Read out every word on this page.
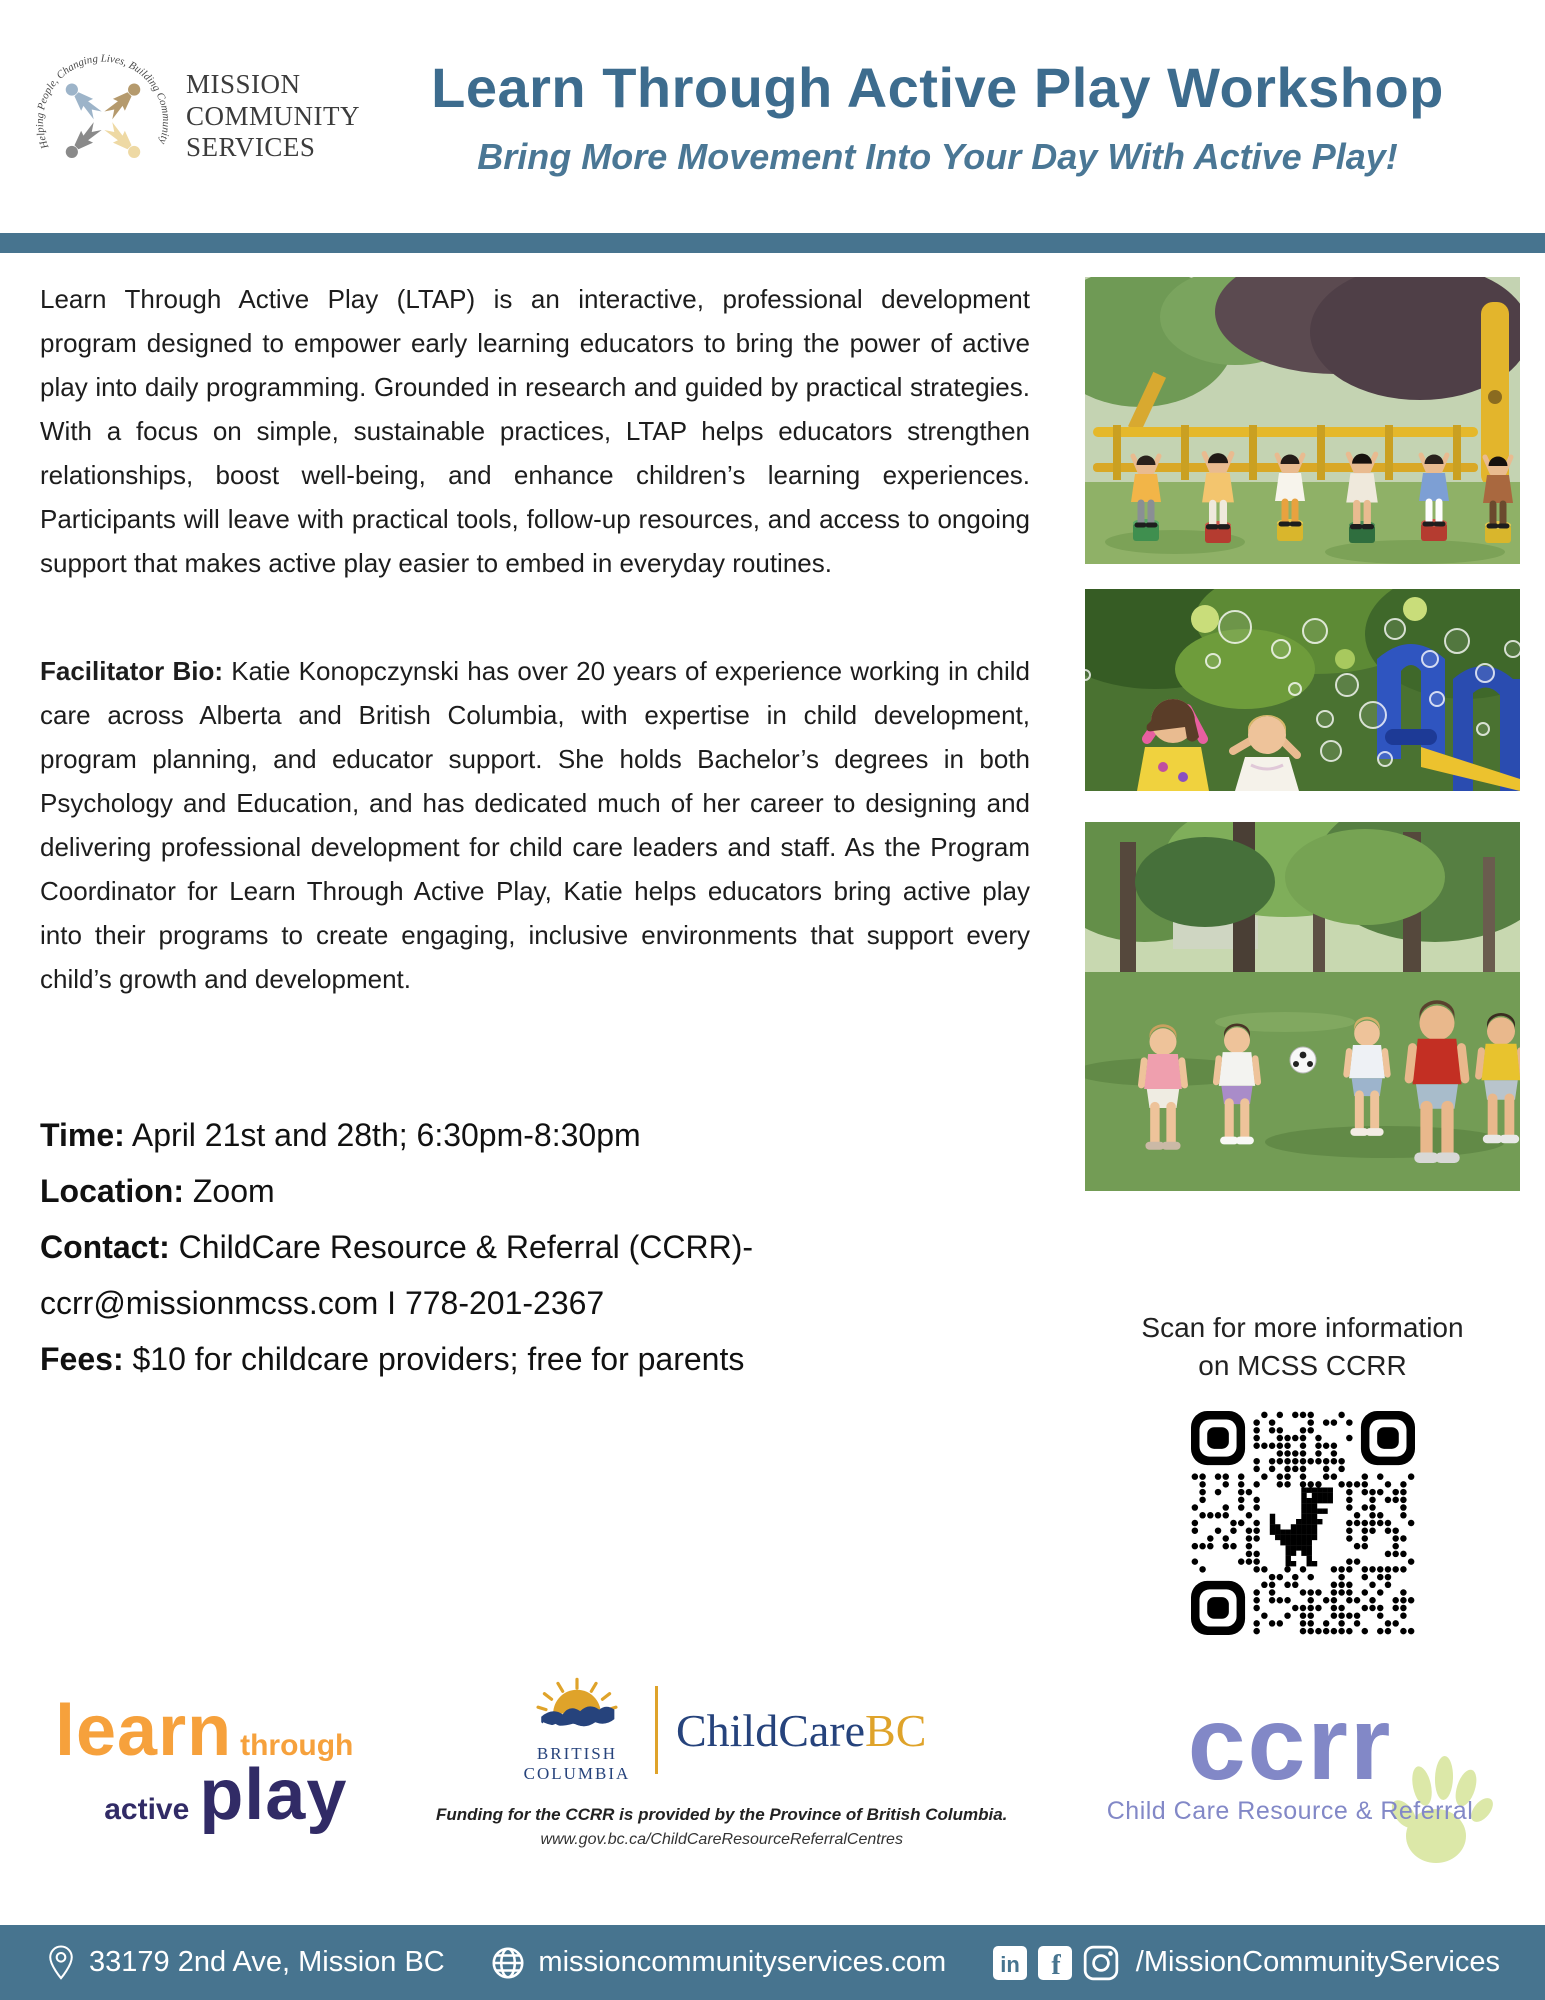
Helping People, Changing Lives, Building Community
MISSION
COMMUNITY
SERVICES
Learn Through Active Play Workshop
Bring More Movement Into Your Day With Active Play!

Learn Through Active Play (LTAP) is an interactive, professional development program designed to empower early learning educators to bring the power of active play into daily programming. Grounded in research and guided by practical strategies. With a focus on simple, sustainable practices, LTAP helps educators strengthen relationships, boost well-being, and enhance children’s learning experiences. Participants will leave with practical tools, follow-up resources, and access to ongoing support that makes active play easier to embed in everyday routines.

Facilitator Bio: Katie Konopczynski has over 20 years of experience working in child care across Alberta and British Columbia, with expertise in child development, program planning, and educator support. She holds Bachelor’s degrees in both Psychology and Education, and has dedicated much of her career to designing and delivering professional development for child care leaders and staff. As the Program Coordinator for Learn Through Active Play, Katie helps educators bring active play into their programs to create engaging, inclusive environments that support every child’s growth and development.

Time: April 21st and 28th; 6:30pm-8:30pm
Location: Zoom
Contact: ChildCare Resource & Referral (CCRR)-
ccrr@missionmcss.com I 778-201-2367
Fees: $10 for childcare providers; free for parents
Scan for more information
on MCSS CCRR
learn through
active play
BRITISH
COLUMBIA
ChildCareBC
Funding for the CCRR is provided by the Province of British Columbia.
www.gov.bc.ca/ChildCareResourceReferralCentres
ccrr
Child Care Resource & Referral
33179 2nd Ave, Mission BC	missioncommunityservices.com in f	/MissionCommunityServices
